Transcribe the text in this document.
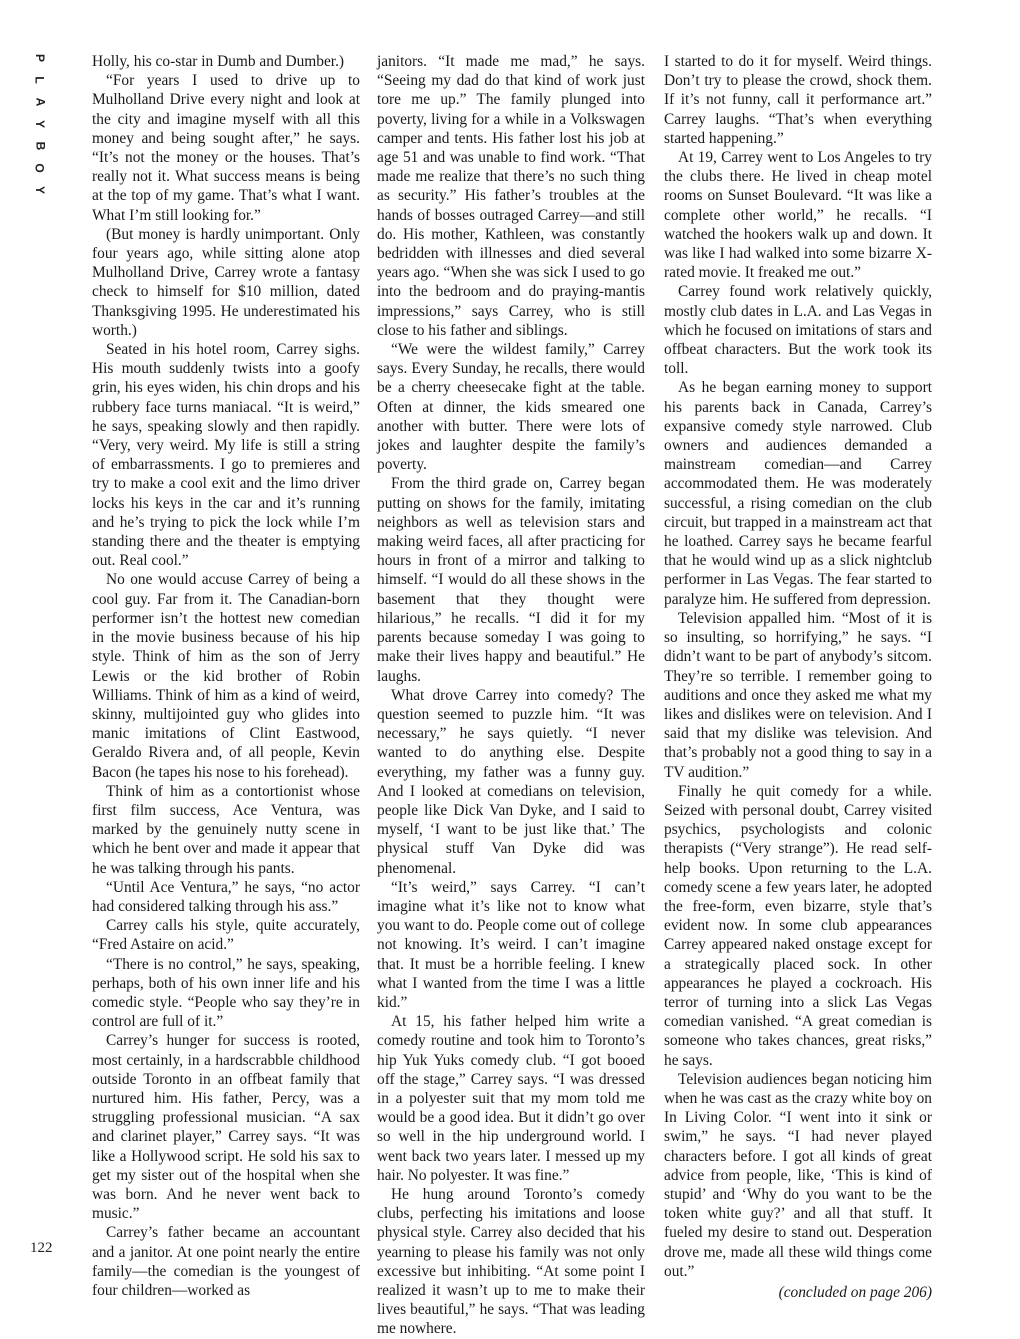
P
L
A
Y
B
O
Y

Holly, his co-star in Dumb and Dumber.)

“For years I used to drive up to Mulholland Drive every night and look at the city and imagine myself with all this money and being sought after,” he says. “It’s not the money or the houses. That’s really not it. What success means is being at the top of my game. That’s what I want. What I’m still looking for.”

(But money is hardly unimportant. Only four years ago, while sitting alone atop Mulholland Drive, Carrey wrote a fantasy check to himself for $10 million, dated Thanksgiving 1995. He underestimated his worth.)

Seated in his hotel room, Carrey sighs. His mouth suddenly twists into a goofy grin, his eyes widen, his chin drops and his rubbery face turns maniacal. “It is weird,” he says, speaking slowly and then rapidly. “Very, very weird. My life is still a string of embarrassments. I go to premieres and try to make a cool exit and the limo driver locks his keys in the car and it’s running and he’s trying to pick the lock while I’m standing there and the theater is emptying out. Real cool.”

No one would accuse Carrey of being a cool guy. Far from it. The Canadian-born performer isn’t the hottest new comedian in the movie business because of his hip style. Think of him as the son of Jerry Lewis or the kid brother of Robin Williams. Think of him as a kind of weird, skinny, multijointed guy who glides into manic imitations of Clint Eastwood, Geraldo Rivera and, of all people, Kevin Bacon (he tapes his nose to his forehead).

Think of him as a contortionist whose first film success, Ace Ventura, was marked by the genuinely nutty scene in which he bent over and made it appear that he was talking through his pants.

“Until Ace Ventura,” he says, “no actor had considered talking through his ass.”

Carrey calls his style, quite accurately, “Fred Astaire on acid.”

“There is no control,” he says, speaking, perhaps, both of his own inner life and his comedic style. “People who say they’re in control are full of it.”

Carrey’s hunger for success is rooted, most certainly, in a hardscrabble childhood outside Toronto in an offbeat family that nurtured him. His father, Percy, was a struggling professional musician. “A sax and clarinet player,” Carrey says. “It was like a Hollywood script. He sold his sax to get my sister out of the hospital when she was born. And he never went back to music.”

Carrey’s father became an accountant and a janitor. At one point nearly the entire family—the comedian is the youngest of four children—worked as

janitors. “It made me mad,” he says. “Seeing my dad do that kind of work just tore me up.” The family plunged into poverty, living for a while in a Volkswagen camper and tents. His father lost his job at age 51 and was unable to find work. “That made me realize that there’s no such thing as security.” His father’s troubles at the hands of bosses outraged Carrey—and still do. His mother, Kathleen, was constantly bedridden with illnesses and died several years ago. “When she was sick I used to go into the bedroom and do praying-mantis impressions,” says Carrey, who is still close to his father and siblings.

“We were the wildest family,” Carrey says. Every Sunday, he recalls, there would be a cherry cheesecake fight at the table. Often at dinner, the kids smeared one another with butter. There were lots of jokes and laughter despite the family’s poverty.

From the third grade on, Carrey began putting on shows for the family, imitating neighbors as well as television stars and making weird faces, all after practicing for hours in front of a mirror and talking to himself. “I would do all these shows in the basement that they thought were hilarious,” he recalls. “I did it for my parents because someday I was going to make their lives happy and beautiful.” He laughs.

What drove Carrey into comedy? The question seemed to puzzle him. “It was necessary,” he says quietly. “I never wanted to do anything else. Despite everything, my father was a funny guy. And I looked at comedians on television, people like Dick Van Dyke, and I said to myself, ‘I want to be just like that.’ The physical stuff Van Dyke did was phenomenal.

“It’s weird,” says Carrey. “I can’t imagine what it’s like not to know what you want to do. People come out of college not knowing. It’s weird. I can’t imagine that. It must be a horrible feeling. I knew what I wanted from the time I was a little kid.”

At 15, his father helped him write a comedy routine and took him to Toronto’s hip Yuk Yuks comedy club. “I got booed off the stage,” Carrey says. “I was dressed in a polyester suit that my mom told me would be a good idea. But it didn’t go over so well in the hip underground world. I went back two years later. I messed up my hair. No polyester. It was fine.”

He hung around Toronto’s comedy clubs, perfecting his imitations and loose physical style. Carrey also decided that his yearning to please his family was not only excessive but inhibiting. “At some point I realized it wasn’t up to me to make their lives beautiful,” he says. “That was leading me nowhere.

I started to do it for myself. Weird things. Don’t try to please the crowd, shock them. If it’s not funny, call it performance art.” Carrey laughs. “That’s when everything started happening.”

At 19, Carrey went to Los Angeles to try the clubs there. He lived in cheap motel rooms on Sunset Boulevard. “It was like a complete other world,” he recalls. “I watched the hookers walk up and down. It was like I had walked into some bizarre X-rated movie. It freaked me out.”

Carrey found work relatively quickly, mostly club dates in L.A. and Las Vegas in which he focused on imitations of stars and offbeat characters. But the work took its toll.

As he began earning money to support his parents back in Canada, Carrey’s expansive comedy style narrowed. Club owners and audiences demanded a mainstream comedian—and Carrey accommodated them. He was moderately successful, a rising comedian on the club circuit, but trapped in a mainstream act that he loathed. Carrey says he became fearful that he would wind up as a slick nightclub performer in Las Vegas. The fear started to paralyze him. He suffered from depression.

Television appalled him. “Most of it is so insulting, so horrifying,” he says. “I didn’t want to be part of anybody’s sitcom. They’re so terrible. I remember going to auditions and once they asked me what my likes and dislikes were on television. And I said that my dislike was television. And that’s probably not a good thing to say in a TV audition.”

Finally he quit comedy for a while. Seized with personal doubt, Carrey visited psychics, psychologists and colonic therapists (“Very strange”). He read self-help books. Upon returning to the L.A. comedy scene a few years later, he adopted the free-form, even bizarre, style that’s evident now. In some club appearances Carrey appeared naked onstage except for a strategically placed sock. In other appearances he played a cockroach. His terror of turning into a slick Las Vegas comedian vanished. “A great comedian is someone who takes chances, great risks,” he says.

Television audiences began noticing him when he was cast as the crazy white boy on In Living Color. “I went into it sink or swim,” he says. “I had never played characters before. I got all kinds of great advice from people, like, ‘This is kind of stupid’ and ‘Why do you want to be the token white guy?’ and all that stuff. It fueled my desire to stand out. Desperation drove me, made all these wild things come out.”

(concluded on page 206)
122
